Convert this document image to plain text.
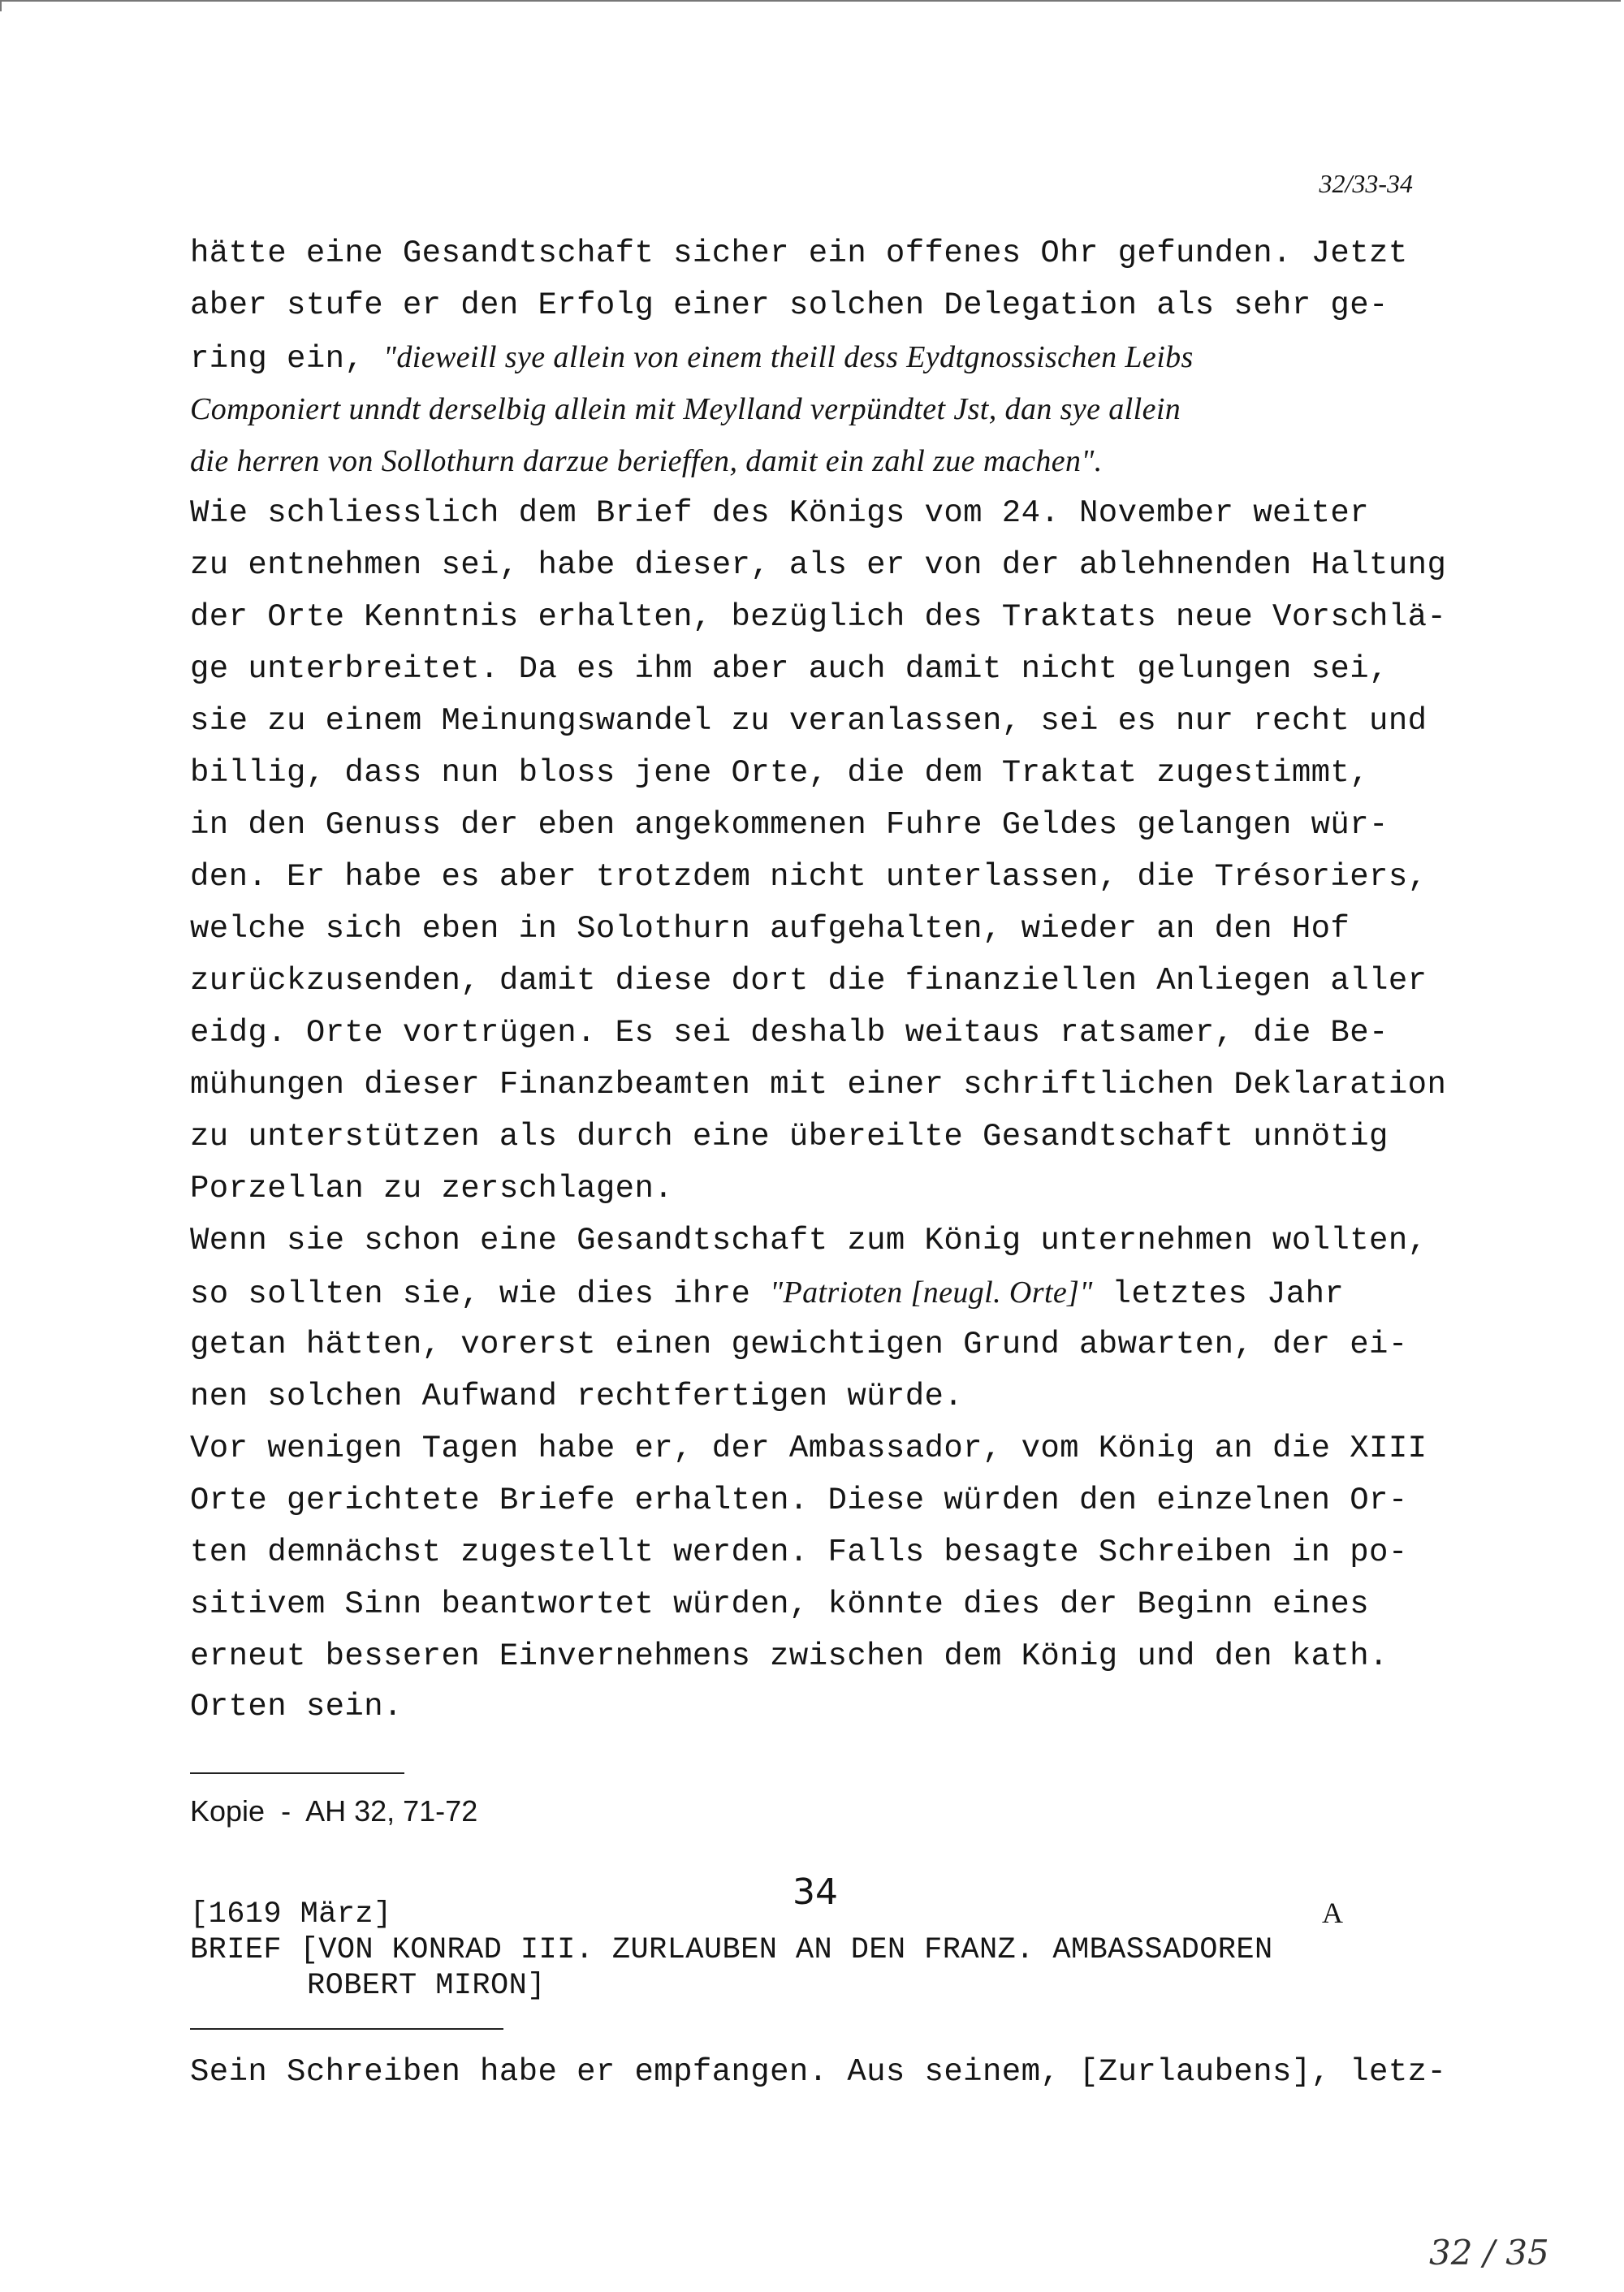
32/33-34
hätte eine Gesandtschaft sicher ein offenes Ohr gefunden. Jetzt
aber stufe er den Erfolg einer solchen Delegation als sehr ge-
ring ein, "dieweill sye allein von einem theill dess Eydtgnossischen Leibs
Componiert unndt derselbig allein mit Meylland verpündtet Jst, dan sye allein
die herren von Sollothurn darzue berieffen, damit ein zahl zue machen".
Wie schliesslich dem Brief des Königs vom 24. November weiter
zu entnehmen sei, habe dieser, als er von der ablehnenden Haltung
der Orte Kenntnis erhalten, bezüglich des Traktats neue Vorschlä-
ge unterbreitet. Da es ihm aber auch damit nicht gelungen sei,
sie zu einem Meinungswandel zu veranlassen, sei es nur recht und
billig, dass nun bloss jene Orte, die dem Traktat zugestimmt,
in den Genuss der eben angekommenen Fuhre Geldes gelangen wür-
den. Er habe es aber trotzdem nicht unterlassen, die Trésoriers,
welche sich eben in Solothurn aufgehalten, wieder an den Hof
zurückzusenden, damit diese dort die finanziellen Anliegen aller
eidg. Orte vortrügen. Es sei deshalb weitaus ratsamer, die Be-
mühungen dieser Finanzbeamten mit einer schriftlichen Deklaration
zu unterstützen als durch eine übereilte Gesandtschaft unnötig
Porzellan zu zerschlagen.
Wenn sie schon eine Gesandtschaft zum König unternehmen wollten,
so sollten sie, wie dies ihre "Patrioten [neugl. Orte]" letztes Jahr
getan hätten, vorerst einen gewichtigen Grund abwarten, der ei-
nen solchen Aufwand rechtfertigen würde.
Vor wenigen Tagen habe er, der Ambassador, vom König an die XIII
Orte gerichtete Briefe erhalten. Diese würden den einzelnen Or-
ten demnächst zugestellt werden. Falls besagte Schreiben in po-
sitivem Sinn beantwortet würden, könnte dies der Beginn eines
erneut besseren Einvernehmens zwischen dem König und den kath.
Orten sein.
Kopie  -  AH 32, 71-72
34	A
[1619 März]
BRIEF [VON KONRAD III. ZURLAUBEN AN DEN FRANZ. AMBASSADOREN
ROBERT MIRON]
Sein Schreiben habe er empfangen. Aus seinem, [Zurlaubens], letz-
32 / 35
